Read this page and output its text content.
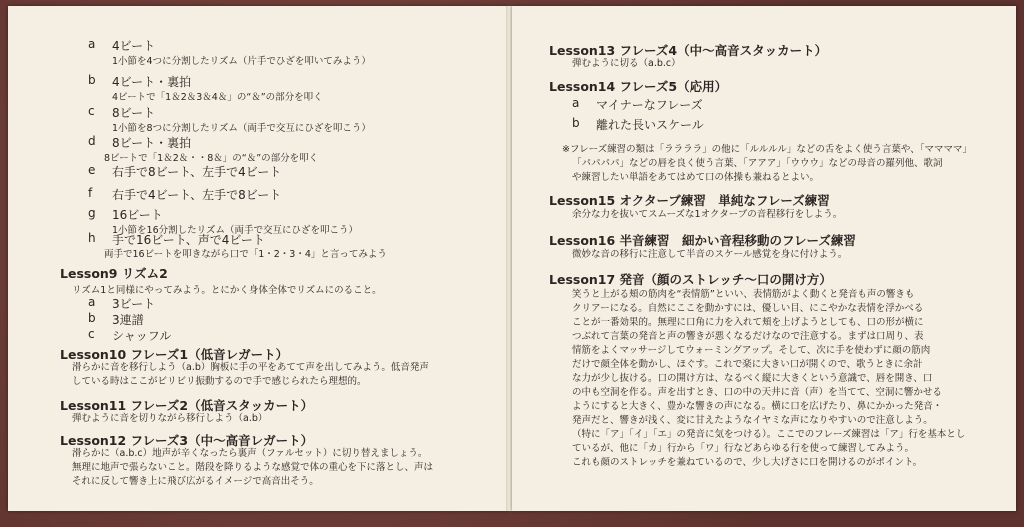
a 4ビート
1小節を4つに分割したリズム（片手でひざを叩いてみよう）
b 4ビート・裏拍
4ビートで「1＆2＆3＆4＆」の“＆”の部分を叩く
c 8ビート
1小節を8つに分割したリズム（両手で交互にひざを叩こう）
d 8ビート・裏拍
8ビートで「1＆2＆・・8＆」の“＆”の部分を叩く
e 右手で8ビート、左手で4ビート
f 右手で4ビート、左手で8ビート
g 16ビート
1小節を16分割したリズム（両手で交互にひざを叩こう）
h 手で16ビート、声で4ビート
両手で16ビートを叩きながら口で「1・2・3・4」と言ってみよう
Lesson9 リズム2
リズム1と同様にやってみよう。とにかく身体全体でリズムにのること。
a 3ビート
b 3連譜
c シャッフル
Lesson10 フレーズ1（低音レガート）
滑らかに音を移行しよう（a.b）胸板に手の平をあてて声を出してみよう。低音発声
している時はここがビリビリ振動するので手で感じられたら理想的。
Lesson11 フレーズ2（低音スタッカート）
弾むように音を切りながら移行しよう（a.b）
Lesson12 フレーズ3（中～高音レガート）
滑らかに（a.b.c）地声が辛くなったら裏声（ファルセット）に切り替えましょう。
無理に地声で張らないこと。階段を降りるような感覚で体の重心を下に落とし、声は
それに反して響き上に飛び広がるイメージで高音出そう。
Lesson13 フレーズ4（中～高音スタッカート）
弾むように切る（a.b.c）
Lesson14 フレーズ5（応用）
a マイナーなフレーズ
b 離れた長いスケール
※フレーズ練習の類は「ララララ」の他に「ルルルル」などの舌をよく使う言葉や、「ママママ」
「パパパパ」などの唇を良く使う言葉、「アアア」「ウウウ」などの母音の羅列他、歌詞
や練習したい単語をあてはめて口の体操も兼ねるとよい。
Lesson15 オクターブ練習　単純なフレーズ練習
余分な力を抜いてスムーズな1オクターブの音程移行をしよう。
Lesson16 半音練習　細かい音程移動のフレーズ練習
微妙な音の移行に注意して半音のスケール感覚を身に付けよう。
Lesson17 発音（顔のストレッチ～口の開け方）
笑うと上がる頬の筋肉を“表情筋”といい、表情筋がよく動くと発音も声の響きも
クリアーになる。自然にここを動かすには、優しい目、にこやかな表情を浮かべる
ことが一番効果的。無理に口角に力を入れて頬を上げようとしても、口の形が横に
つぶれて言葉の発音と声の響きが悪くなるだけなので注意する。まずは口周り、表
情筋をよくマッサージしてウォーミングアップ。そして、次に手を使わずに顔の筋肉
だけで顔全体を動かし、ほぐす。これで楽に大きい口が開くので、歌うときに余計
な力が少し抜ける。口の開け方は、なるべく縦に大きくという意識で、唇を開き、口
の中も空洞を作る。声を出すとき、口の中の天井に音（声）を当てて、空洞に響かせる
ようにすると大きく、豊かな響きの声になる。横に口を広げたり、鼻にかかった発音・
発声だと、響きが浅く、変に甘えたようなイヤミな声になりやすいので注意しよう。
（特に「ア」「イ」「エ」の発音に気をつける）。ここでのフレーズ練習は「ア」行を基本とし
ているが、他に「カ」行から「ワ」行などあらゆる行を使って練習してみよう。
これも顔のストレッチを兼ねているので、少し大げさに口を開けるのがポイント。
